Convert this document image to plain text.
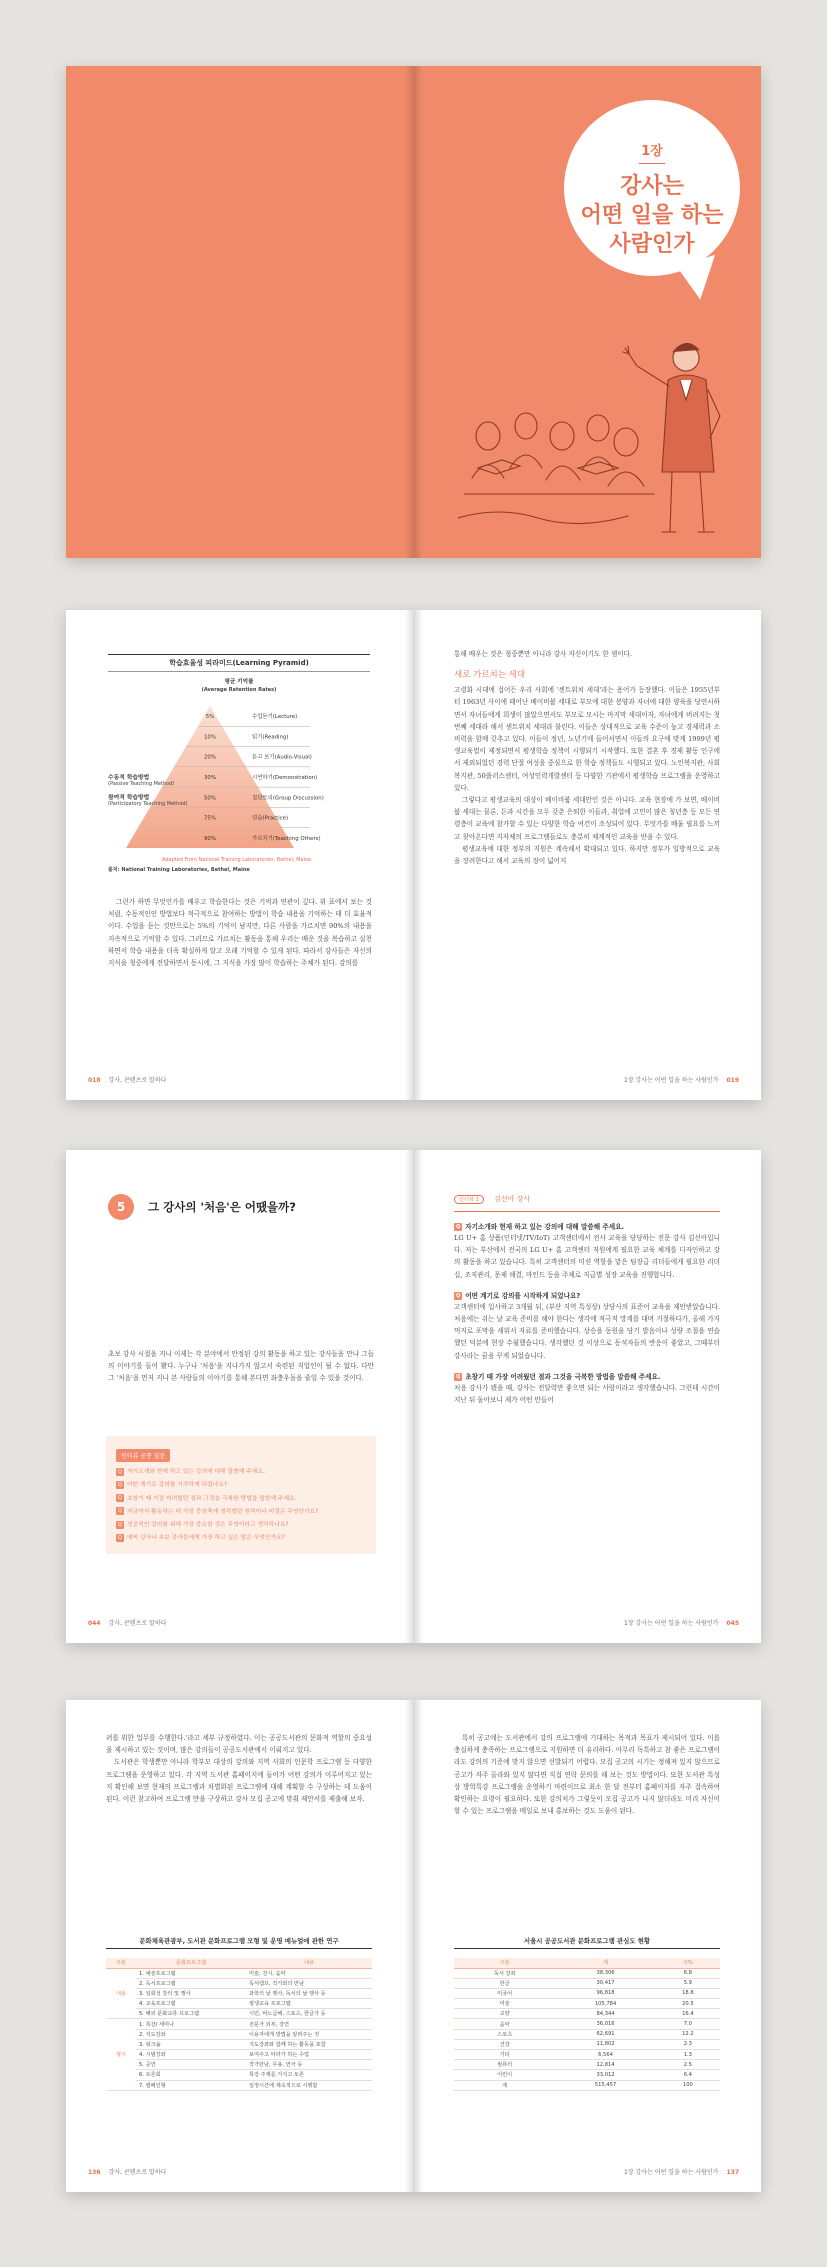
1장
강사는
어떤 일을 하는
사람인가
학습효율성 피라미드(Learning Pyramid)
평균 기억률
(Average Retention Rates)
5%	수업듣기(Lecture)
10%	읽기(Reading)
20%	듣고 보기(Audio-Visual)
30%	시연하기(Demonstration)
50%	집단토의(Group Discussion)
75%	연습(Practice)
90%	가르치기(Teaching Others)
수동적 학습방법
(Passive Teaching Method)
참여적 학습방법
(Participatory Teaching Method)
Adapted From National Training Laboratories, Bethel, Maine
출처: National Training Laboratories, Bethel, Maine

그런가 하면 무엇인가를 배우고 학습한다는 것은 기억과 연관이 깊다. 위 표에서 보는 것처럼, 수동적인인 방법보다 적극적으로 참여하는 방법이 학습 내용을 기억하는 데 더 효율적이다. 수업을 듣는 것만으로는 5%의 기억이 남지만, 다른 사람을 가르치면 90%의 내용을 지속적으로 기억할 수 있다. 그러므로 가르치는 활동을 통해 우리는 배운 것을 복습하고 실천하면서 학습 내용을 더욱 확실하게 알고 오래 기억할 수 있게 된다. 따라서 강사들은 자신의 지식을 청중에게 전달하면서 동시에, 그 지식을 가장 많이 학습하는 주체가 된다. 강의를

018 강사, 콘텐츠로 말하다

통해 배우는 것은 청중뿐만 아니라 강사 자신이기도 한 셈이다.

새로 가르치는 세대

고령화 시대에 접어든 우리 사회에 '센트위치 세대'라는 용어가 등장했다. 이들은 1955년부터 1963년 사이에 태어난 베이비붐 세대로 부모에 대한 봉양과 자녀에 대한 양육을 당연시하면서 자녀들에게 희생이 많았으면서도 부모로 모시는 마지막 세대이자, 자녀에게 버려지는 첫 번째 세대라 해서 센트위치 세대라 불린다. 이들은 상대적으로 교육 수준이 높고 경제력과 소비력을 함께 갖추고 있다. 이들이 정년, 노년기에 들어서면서 이들의 요구에 맞게 1999년 평생교육법이 제정되면서 평생학습 정책이 시행되기 시작했다. 또한 결혼 후 경제 활동 인구에서 제외되었던 경력 단절 여성을 중심으로 한 학습 정책들도 시행되고 있다. 노인복지관, 사회복지관, 50플러스센터, 여성인력개발센터 등 다양한 기관에서 평생학습 프로그램을 운영하고 있다.

그렇다고 평생교육의 대상이 베이비붐 세대만인 것은 아니다. 교육 현장에 가 보면, 베이비붐 세대는 물론, 돈과 시간을 모두 갖춘 은퇴한 이들과, 취업에 고민이 많은 청년층 등 모든 연령층이 교육에 참가할 수 있는 다양한 학습 여건이 조성되어 있다. 무엇가를 배울 필요를 느끼고 찾아온다면 지자체의 프로그램들로도 충분히 체계적인 교육을 받을 수 있다.

평생교육에 대한 정부의 지원은 계속해서 확대되고 있다. 하지만 정부가 일방적으로 교육을 장려한다고 해서 교육의 장이 넓어지

1장 강사는 어떤 일을 하는 사람인가 019
5	그 강사의 '처음'은 어땠을까?

초보 강사 시절을 지나 이제는 각 분야에서 안정된 강의 활동을 하고 있는 강사들을 만나 그들의 이야기를 들어 봤다. 누구나 '처음'을 지나가지 않고서 숙련된 직업인이 될 수 없다. 다만 그 '처음'을 먼저 지나 본 사람들의 이야기를 통해 본다면 좌충우돌을 줄일 수 있을 것이다.

인터뷰 공통 질문
Q 자기소개와 현재 하고 있는 강의에 대해 말씀해 주세요.
Q 어떤 계기로 강의를 시작하게 되었나요?
Q 초창기 때 가장 어려웠던 점과 그것을 극복한 방법을 말씀해 주세요.
Q 지금까지 활동하는 데 가장 중심축에 생각했던 원칙이나 비결은 무엇인가요?
Q 성공적인 강의를 위해 가장 중요한 것은 무엇이라고 생각하나요?
Q 예비 강사나 초보 강사들에게 가장 하고 싶은 말은 무엇인가요?
044 강사, 콘텐츠로 말하다
인터뷰 1 김선아 강사
Q 자기소개와 현재 하고 있는 강의에 대해 말씀해 주세요.

LG U+ 홈 상품(인터넷/TV/IoT) 고객센터에서 전사 교육을 담당하는 전문 강사 김선아입니다. 저는 부산에서 전국의 LG U+ 홈 고객센터 직원에게 필요한 교육 체계를 디자인하고 강의 활동을 하고 있습니다. 특히 고객센터의 미션 역할을 맡은 팀장급 리더들에게 필요한 리더십, 조직관리, 문제 해결, 마인드 등을 주제로 직급별 성장 교육을 진행합니다.

Q 어떤 계기로 강의를 시작하게 되었나요?

고객센터에 입사하고 3개월 뒤, (부산 지역 특성상) 상담사의 표준어 교육을 제안받았습니다. 처음에는 쉬는 날 교육 준비를 해야 한다는 생각에 적극적 망계를 대며 거절하다가, 올해 가지 먹지로 포막을 세워서 자료를 준비했습니다. 상승을 동원을 당기 발음이나 성량 조절을 연습했던 덕분에 현장 수월했습니다. 생각했던 것 이상으로 동석자들의 반응이 좋았고, 그때부터 강사라는 꿈을 꾸게 되었습니다.

Q 초창기 때 가장 어려웠던 점과 그것을 극복한 방법을 말씀해 주세요.

처음 강사가 됐을 때, 강사는 전달력만 좋으면 되는 사람이라고 생각했습니다. 그런데 시간이 지난 뒤 돌아보니 제가 어떤 만들어

1장 강사는 어떤 일을 하는 사람인가 045

려를 위한 업무를 수행한다.'라고 세부 규정하였다. 이는 공공도서관의 문화적 역할의 중요성을 제시하고 있는 것이며, 많은 강의들이 공공도서관에서 이뤄지고 있다.

도서관은 학생뿐만 아니라 학부모 대상의 강의와 지역 사회의 인문학 프로그램 등 다양한 프로그램을 운영하고 있다. 각 지역 도서관 홈페이지에 들어가 어떤 강의가 이루어지고 있는지 확인해 보면 현재의 프로그램과 차별화된 프로그램에 대해 계획할 수 구상하는 데 도움이 된다. 이런 참고하여 프로그램 만을 구상하고 강사 모집 공고에 맞춰 제안서를 제출해 보자.

문화체육관광부, 도서관 문화프로그램 모형 및 운영 매뉴얼에 관한 연구
구분	문화프로그램	내용
내용	1. 예술프로그램	미술, 전시, 음악
	2. 독서프로그램	독서캠프, 작가와의 만남
	3. 일회성 강의 및 행사	과학의 날 행사, 독서의 날 행사 등
	4. 교육프로그램	평생교육 프로그램
	5. 해외 문화교류 프로그램	시민, 비노급해, 스포츠, 한글가 등
형식	1. 특강/ 세미나	전문가 외부, 강연
	2. 지도강좌	이용자에게 방법을 알려주는 것
	3. 워크숍	지도강좌와 함께 하는 활동을 포함
	4. 시범강좌	보여주고 따라가 하는 수업
	5. 공연	작가만남, 무용, 연극 등
	6. 토론회	특강 주제를 가지고 토론
	7. 캠페인형	일정시간에 계속적으로 시행함
136 강사, 콘텐츠로 말하다

특히 공고에는 도서관에서 강의 프로그램에 기대하는 목적과 목표가 제시되어 있다. 이를 충실하게 충족하는 프로그램으로 지원하면 더 유리하다. 아무리 독특하고 참 좋은 프로그램이라도 강의의 기준에 맞지 않으면 선발되기 어렵다. 모집 공고의 시기는 정해져 있지 않으므로 공고가 자주 올라와 있지 않다면 직접 연락 문의를 해 보는 것도 방법이다. 또한 도서관 특성상 방학특강 프로그램을 운영하기 마련이므로 최소 한 달 전부터 홈페이지를 자주 접속하여 확인하는 요령이 필요하다. 또한 강의처가 그렇듯이 모집 공고가 나지 않더라도 미리 자신이 할 수 있는 프로그램을 메일로 보내 홍보하는 것도 도움이 된다.

서울시 공공도서관 문화프로그램 관심도 현황
구분	계	구%
독서 강좌	38,306	6.8
한글	30,417	5.9
미국어	96,818	18.8
미술	105,784	20.5
교양	84,344	16.4
음악	36,016	7.0
스포츠	62,691	12.2
건강	11,802	2.3
기타	6,564	1.3
컴퓨터	12,814	2.5
어린이	33,012	6.4
계	515,457	100
1장 강사는 어떤 일을 하는 사람인가 137
